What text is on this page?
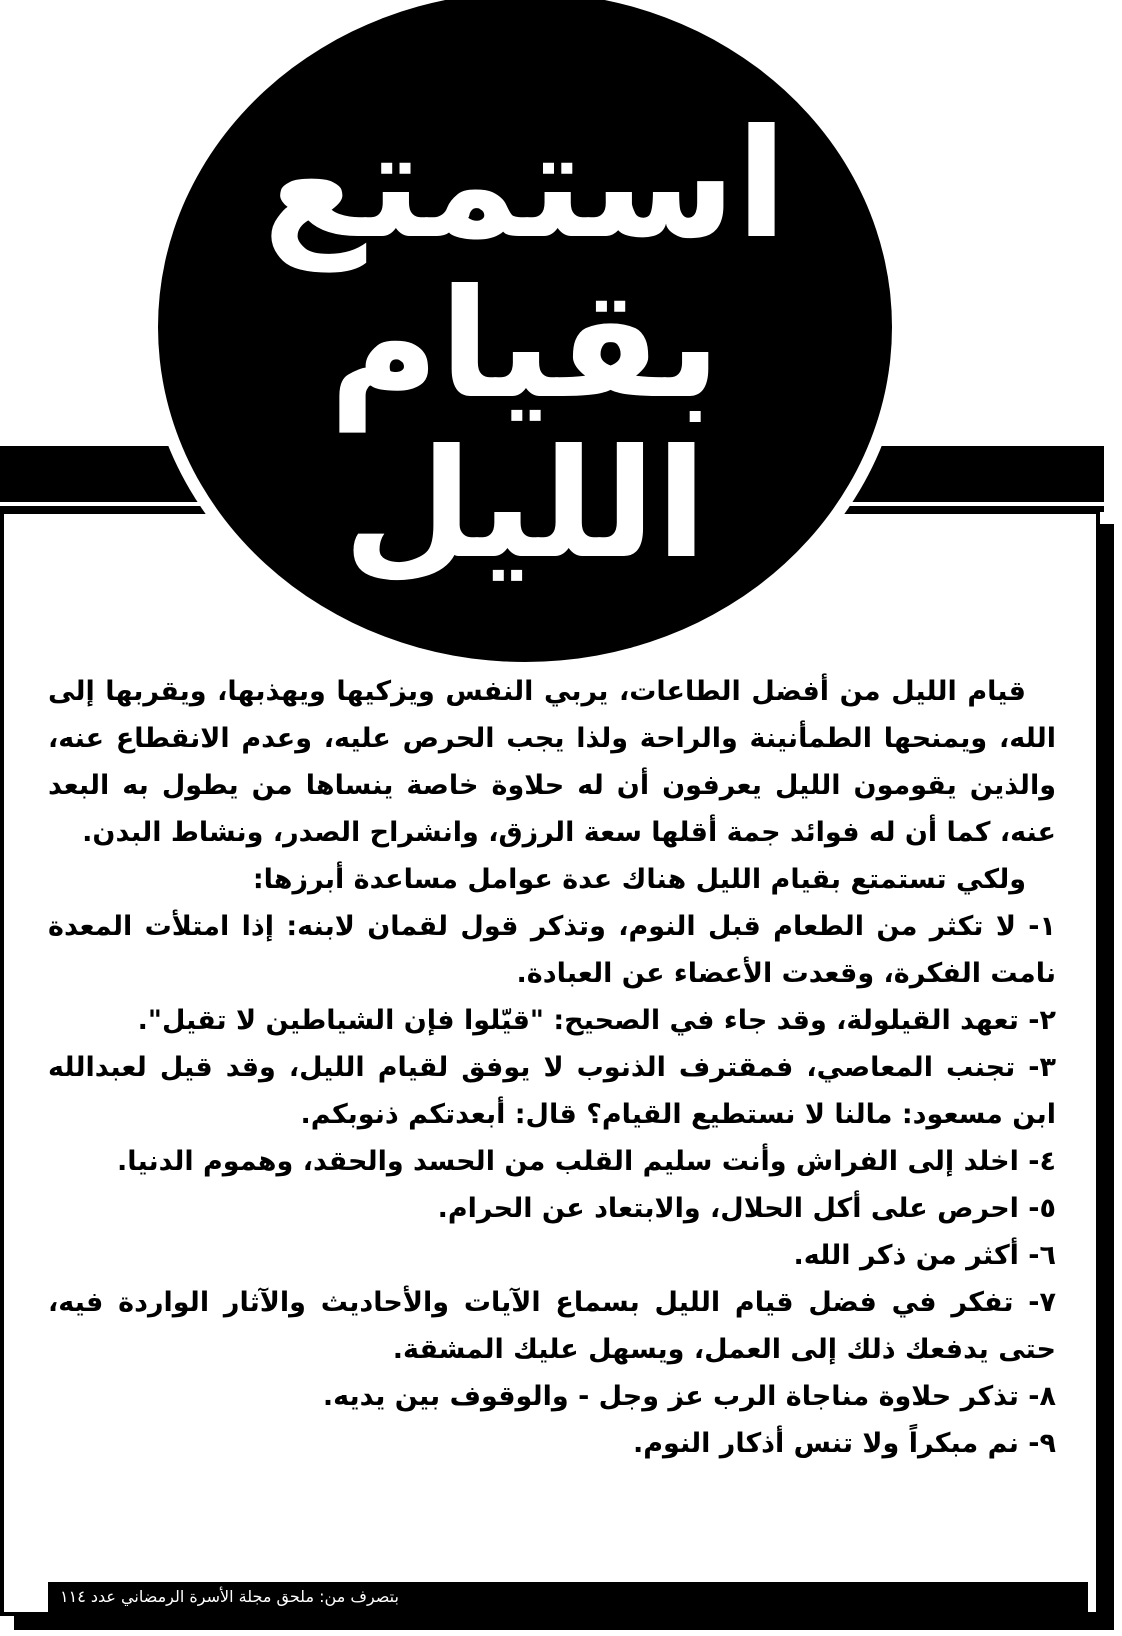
استمتع
بقيام
الليل

قيام الليل من أفضل الطاعات، يربي النفس ويزكيها ويهذبها، ويقربها إلى الله، ويمنحها الطمأنينة والراحة ولذا يجب الحرص عليه، وعدم الانقطاع عنه، والذين يقومون الليل يعرفون أن له حلاوة خاصة ينساها من يطول به البعد عنه، كما أن له فوائد جمة أقلها سعة الرزق، وانشراح الصدر، ونشاط البدن.

ولكي تستمتع بقيام الليل هناك عدة عوامل مساعدة أبرزها:

١- لا تكثر من الطعام قبل النوم، وتذكر قول لقمان لابنه: إذا امتلأت المعدة نامت الفكرة، وقعدت الأعضاء عن العبادة.

٢- تعهد القيلولة، وقد جاء في الصحيح: "قيّلوا فإن الشياطين لا تقيل".

٣- تجنب المعاصي، فمقترف الذنوب لا يوفق لقيام الليل، وقد قيل لعبدالله ابن مسعود: مالنا لا نستطيع القيام؟ قال: أبعدتكم ذنوبكم.

٤- اخلد إلى الفراش وأنت سليم القلب من الحسد والحقد، وهموم الدنيا.

٥- احرص على أكل الحلال، والابتعاد عن الحرام.

٦- أكثر من ذكر الله.

٧- تفكر في فضل قيام الليل بسماع الآيات والأحاديث والآثار الواردة فيه، حتى يدفعك ذلك إلى العمل، ويسهل عليك المشقة.

٨- تذكر حلاوة مناجاة الرب عز وجل - والوقوف بين يديه.

٩- نم مبكراً ولا تنس أذكار النوم.

بتصرف من: ملحق مجلة الأسرة الرمضاني عدد ١١٤
